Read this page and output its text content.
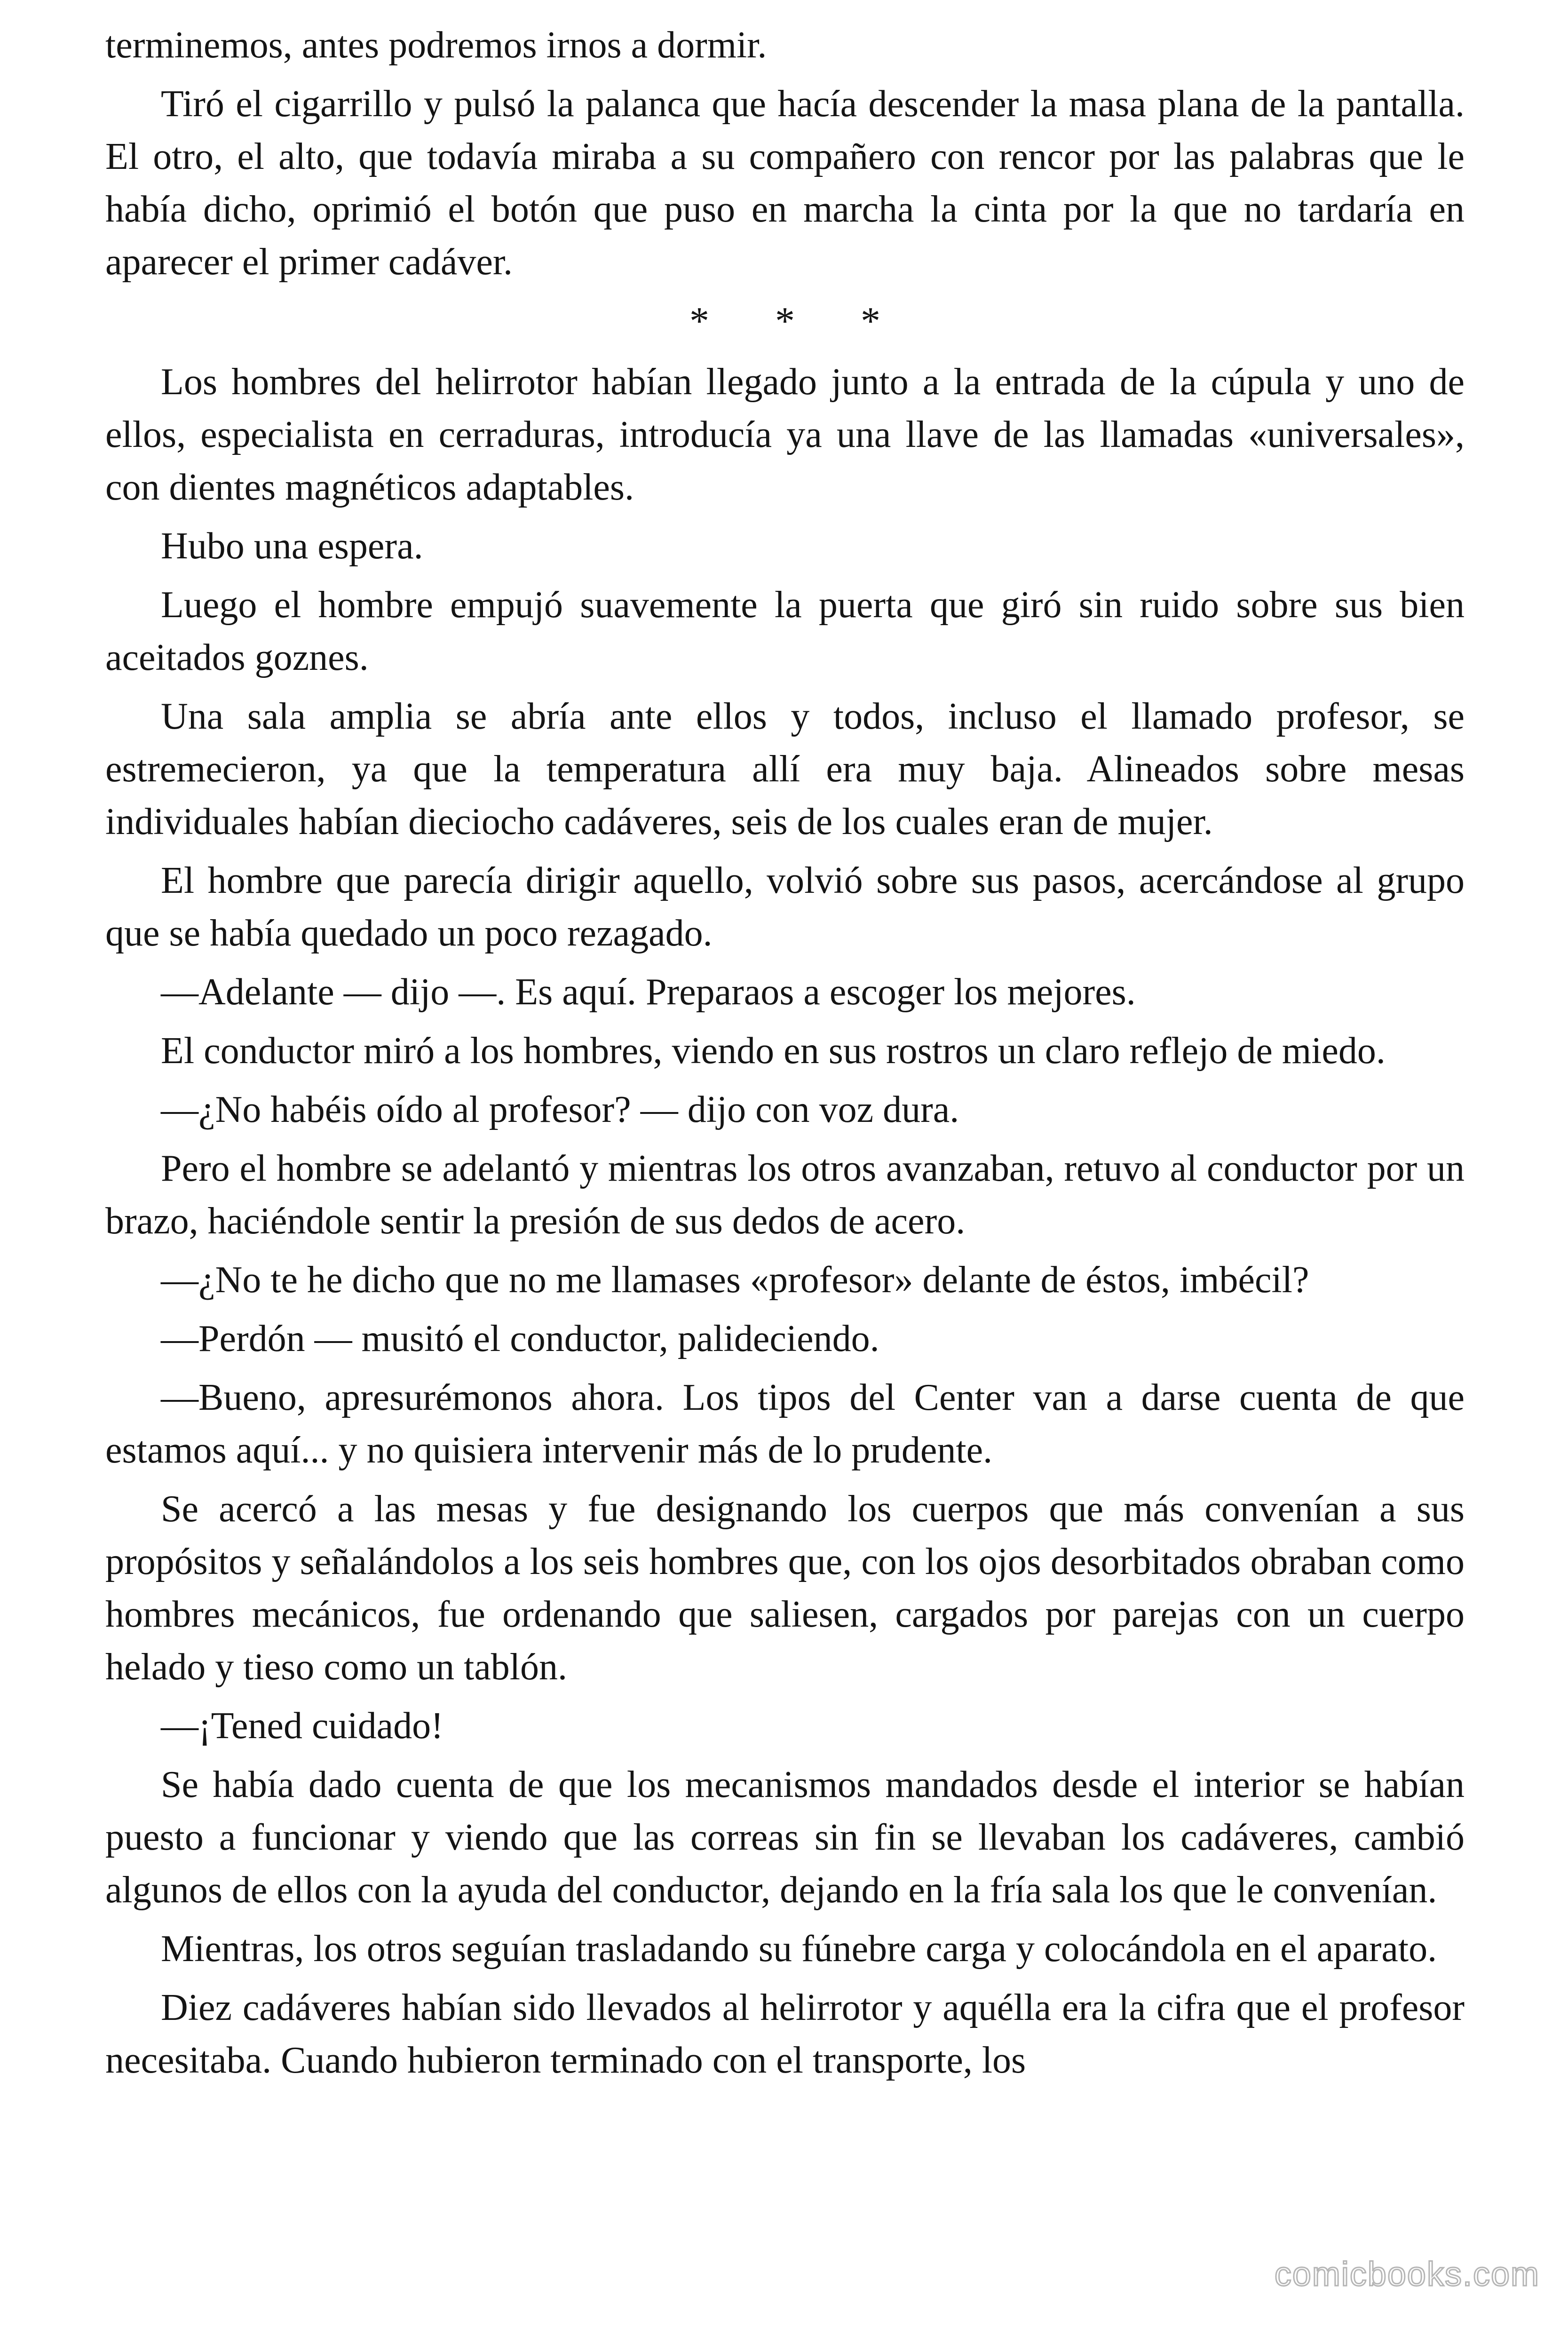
terminemos, antes podremos irnos a dormir.

Tiró el cigarrillo y pulsó la palanca que hacía descender la masa plana de la pantalla. El otro, el alto, que todavía miraba a su compañero con rencor por las palabras que le había dicho, oprimió el botón que puso en marcha la cinta por la que no tardaría en aparecer el primer cadáver.

* * *

Los hombres del helirrotor habían llegado junto a la entrada de la cúpula y uno de ellos, especialista en cerraduras, introducía ya una llave de las llamadas «universales», con dientes magnéticos adaptables.

Hubo una espera.

Luego el hombre empujó suavemente la puerta que giró sin ruido sobre sus bien aceitados goznes.

Una sala amplia se abría ante ellos y todos, incluso el llamado profesor, se estremecieron, ya que la temperatura allí era muy baja. Alineados sobre mesas individuales habían dieciocho cadáveres, seis de los cuales eran de mujer.

El hombre que parecía dirigir aquello, volvió sobre sus pasos, acercándose al grupo que se había quedado un poco rezagado.

—Adelante — dijo —. Es aquí. Preparaos a escoger los mejores.

El conductor miró a los hombres, viendo en sus rostros un claro reflejo de miedo.

—¿No habéis oído al profesor? — dijo con voz dura.

Pero el hombre se adelantó y mientras los otros avanzaban, retuvo al conductor por un brazo, haciéndole sentir la presión de sus dedos de acero.

—¿No te he dicho que no me llamases «profesor» delante de éstos, imbécil?

—Perdón — musitó el conductor, palideciendo.

—Bueno, apresurémonos ahora. Los tipos del Center van a darse cuenta de que estamos aquí... y no quisiera intervenir más de lo prudente.

Se acercó a las mesas y fue designando los cuerpos que más convenían a sus propósitos y señalándolos a los seis hombres que, con los ojos desorbitados obraban como hombres mecánicos, fue ordenando que saliesen, cargados por parejas con un cuerpo helado y tieso como un tablón.

—¡Tened cuidado!

Se había dado cuenta de que los mecanismos mandados desde el interior se habían puesto a funcionar y viendo que las correas sin fin se llevaban los cadáveres, cambió algunos de ellos con la ayuda del conductor, dejando en la fría sala los que le convenían.

Mientras, los otros seguían trasladando su fúnebre carga y colocándola en el aparato.

Diez cadáveres habían sido llevados al helirrotor y aquélla era la cifra que el profesor necesitaba. Cuando hubieron terminado con el transporte, los

comicbooks.com
